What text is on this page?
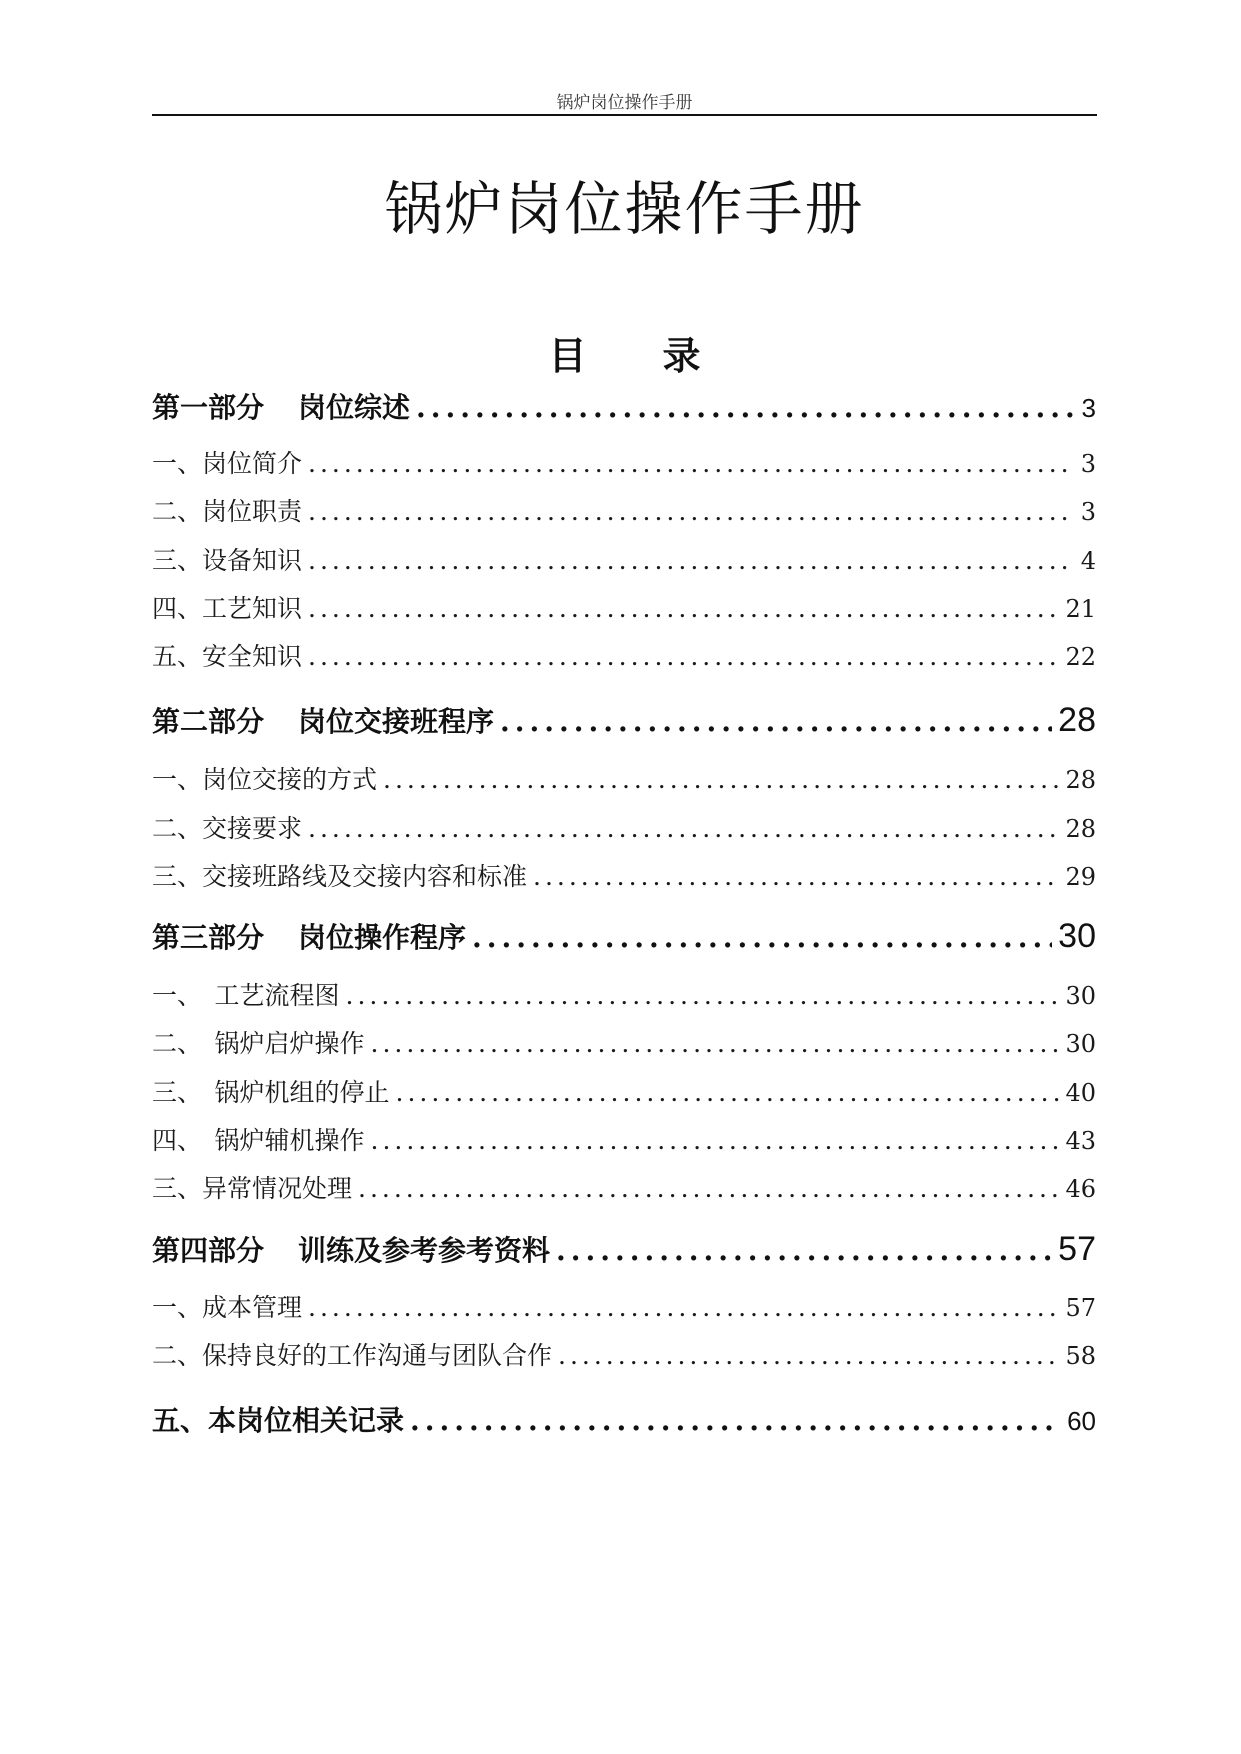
锅炉岗位操作手册
锅炉岗位操作手册
目　　录
第一部分 岗位综述 .....	3
一、岗位简介 .....	3
二、岗位职责 .....	3
三、设备知识 .....	4
四、工艺知识 .....	21
五、安全知识 .....	22
第二部分 岗位交接班程序 .....	28
一、岗位交接的方式 .....	28
二、交接要求 .....	28
三、交接班路线及交接内容和标准 .....	29
第三部分 岗位操作程序 .....	30
一、　工艺流程图 .....	30
二、　锅炉启炉操作 .....	30
三、　锅炉机组的停止 .....	40
四、　锅炉辅机操作 .....	43
三、异常情况处理 .....	46
第四部分 训练及参考参考资料 .....	57
一、成本管理 .....	57
二、保持良好的工作沟通与团队合作 .....	58
五、本岗位相关记录 .....	60
